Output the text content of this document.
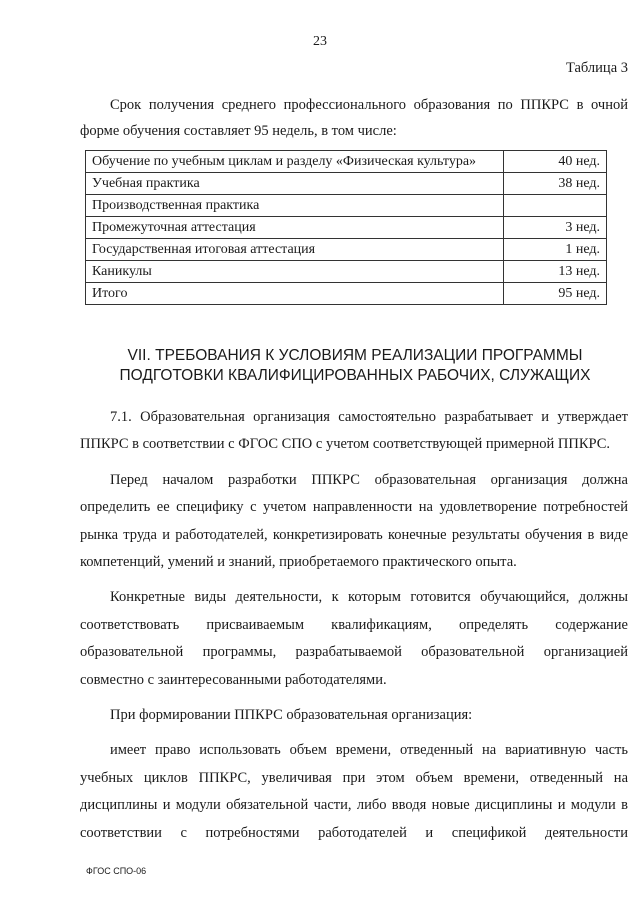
23
Таблица 3

Срок получения среднего профессионального образования по ППКРС в очной форме обучения составляет 95 недель, в том числе:

Обучение по учебным циклам и разделу «Физическая культура»	40 нед.
Учебная практика	38 нед.
Производственная практика	
Промежуточная аттестация	3 нед.
Государственная итоговая аттестация	1 нед.
Каникулы	13 нед.
Итого	95 нед.
VII. ТРЕБОВАНИЯ К УСЛОВИЯМ РЕАЛИЗАЦИИ ПРОГРАММЫ
ПОДГОТОВКИ КВАЛИФИЦИРОВАННЫХ РАБОЧИХ, СЛУЖАЩИХ

7.1. Образовательная организация самостоятельно разрабатывает и утверждает ППКРС в соответствии с ФГОС СПО с учетом соответствующей примерной ППКРС.

Перед началом разработки ППКРС образовательная организация должна определить ее специфику с учетом направленности на удовлетворение потребностей рынка труда и работодателей, конкретизировать конечные результаты обучения в виде компетенций, умений и знаний, приобретаемого практического опыта.

Конкретные виды деятельности, к которым готовится обучающийся, должны соответствовать присваиваемым квалификациям, определять содержание образовательной программы, разрабатываемой образовательной организацией совместно с заинтересованными работодателями.

При формировании ППКРС образовательная организация:

имеет право использовать объем времени, отведенный на вариативную часть учебных циклов ППКРС, увеличивая при этом объем времени, отведенный на дисциплины и модули обязательной части, либо вводя новые дисциплины и модули в соответствии с потребностями работодателей и спецификой деятельности

ФГОС СПО-06
